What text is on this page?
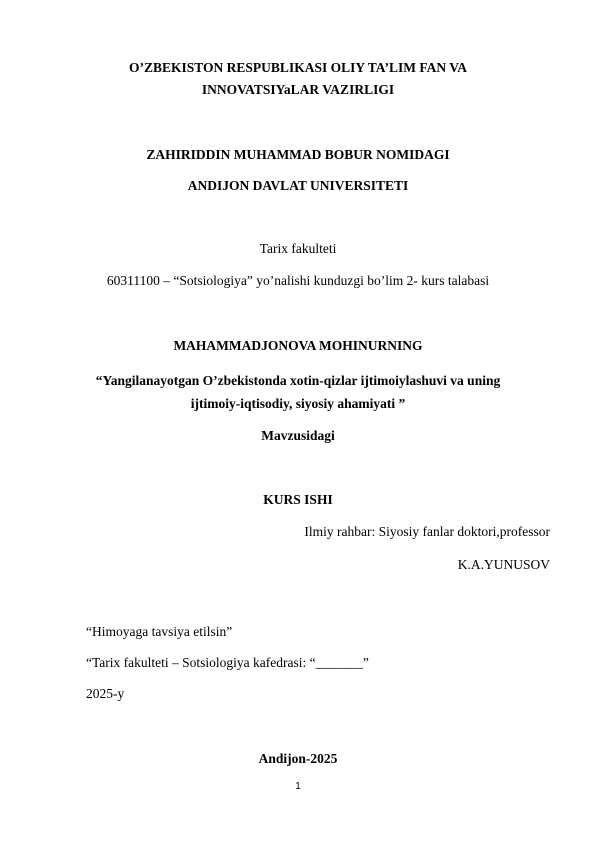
O’ZBEKISTON RESPUBLIKASI OLIY TA’LIM FAN VA
INNOVATSIYaLAR VAZIRLIGI
ZAHIRIDDIN MUHAMMAD BOBUR NOMIDAGI
ANDIJON DAVLAT UNIVERSITETI
Tarix fakulteti
60311100 – “Sotsiologiya” yo’nalishi kunduzgi bo’lim 2- kurs talabasi
MAHAMMADJONOVA MOHINURNING
“Yangilanayotgan O’zbekistonda xotin-qizlar ijtimoiylashuvi va uning
ijtimoiy-iqtisodiy, siyosiy ahamiyati ”
Mavzusidagi
KURS ISHI
Ilmiy rahbar: Siyosiy fanlar doktori,professor
K.A.YUNUSOV
“Himoyaga tavsiya etilsin”
“Tarix fakulteti – Sotsiologiya kafedrasi: “_______”
2025-y
Andijon-2025
1
